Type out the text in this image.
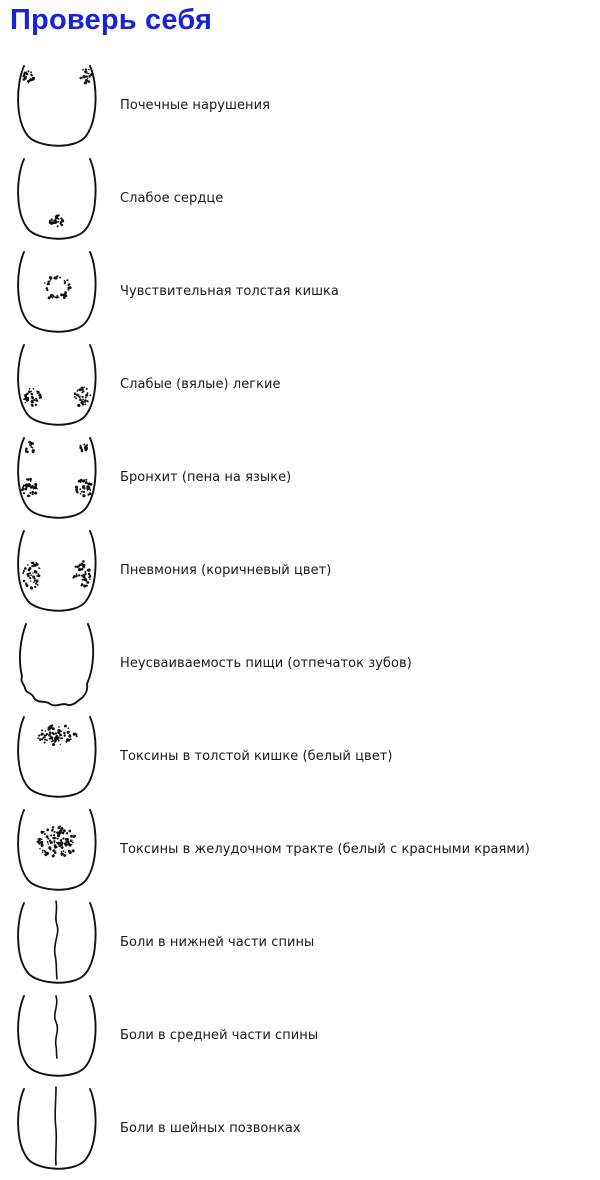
Проверь себя
Почечные нарушения
Слабое сердце
Чувствительная толстая кишка
Слабые (вялые) легкие
Бронхит (пена на языке)
Пневмония (коричневый цвет)
Неусваиваемость пищи (отпечаток зубов)
Токсины в толстой кишке (белый цвет)
Токсины в желудочном тракте (белый с красными краями)
Боли в нижней части спины
Боли в средней части спины
Боли в шейных позвонках
